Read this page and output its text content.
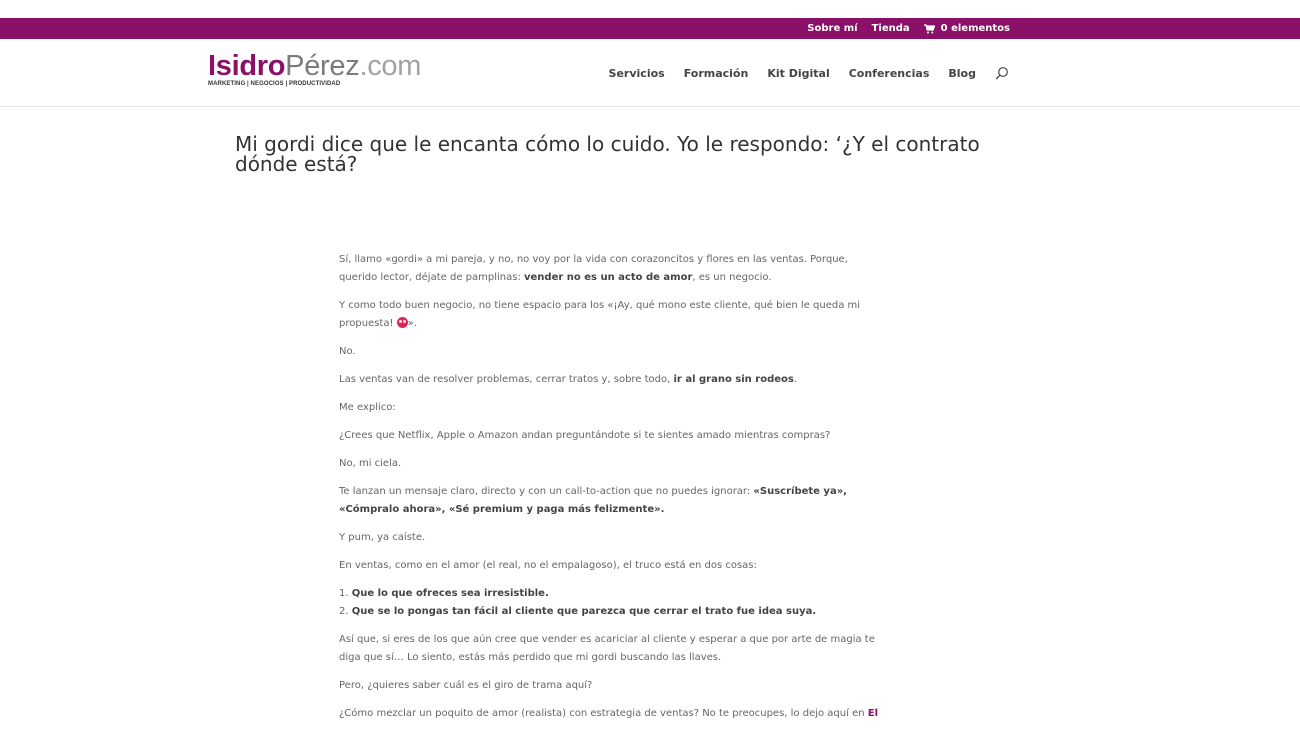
Sobre mí Tienda	0 elementos
IsidroPérez.com
MARKETING | NEGOCIOS | PRODUCTIVIDAD
Servicios Formación Kit Digital Conferencias Blog
Mi gordi dice que le encanta cómo lo cuido. Yo le respondo: ‘¿Y el contrato dónde está?

Sí, llamo «gordi» a mi pareja, y no, no voy por la vida con corazoncitos y flores en las ventas. Porque, querido lector, déjate de pamplinas: vender no es un acto de amor, es un negocio.

Y como todo buen negocio, no tiene espacio para los «¡Ay, qué mono este cliente, qué bien le queda mi propuesta! ».

No.

Las ventas van de resolver problemas, cerrar tratos y, sobre todo, ir al grano sin rodeos.

Me explico:

¿Crees que Netflix, Apple o Amazon andan preguntándote si te sientes amado mientras compras?

No, mi ciela.

Te lanzan un mensaje claro, directo y con un call-to-action que no puedes ignorar: «Suscríbete ya», «Cómpralo ahora», «Sé premium y paga más felizmente».

Y pum, ya caíste.

En ventas, como en el amor (el real, no el empalagoso), el truco está en dos cosas:

1. Que lo que ofreces sea irresistible.
2. Que se lo pongas tan fácil al cliente que parezca que cerrar el trato fue idea suya.

Así que, si eres de los que aún cree que vender es acariciar al cliente y esperar a que por arte de magia te diga que sí… Lo siento, estás más perdido que mi gordi buscando las llaves.

Pero, ¿quieres saber cuál es el giro de trama aquí?

¿Cómo mezclar un poquito de amor (realista) con estrategia de ventas? No te preocupes, lo dejo aquí en El
